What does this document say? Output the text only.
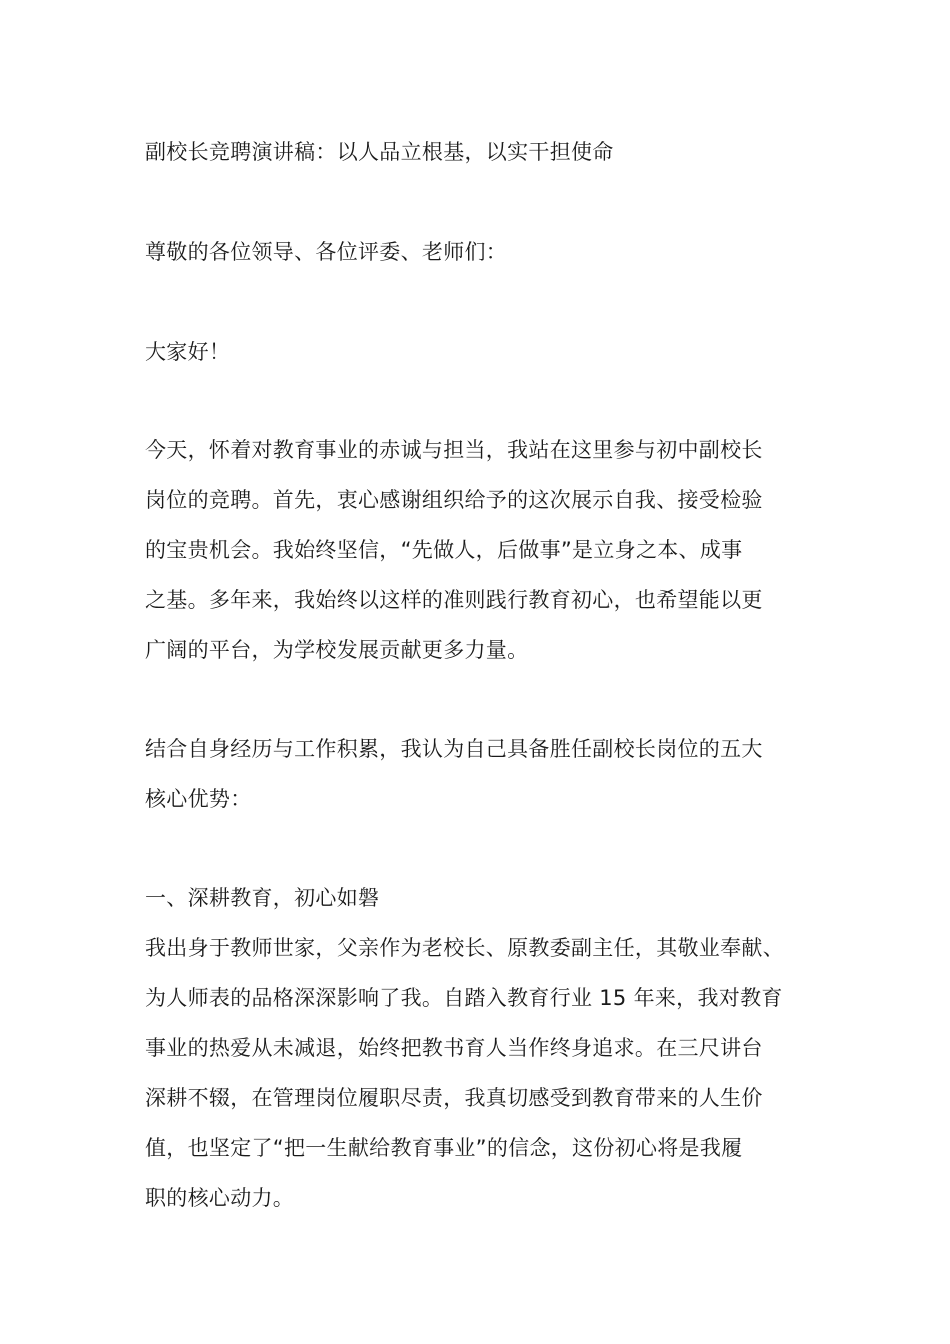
副校长竞聘演讲稿：以人品立根基，以实干担使命
尊敬的各位领导、各位评委、老师们：
大家好！
今天，怀着对教育事业的赤诚与担当，我站在这里参与初中副校长
岗位的竞聘。首先，衷心感谢组织给予的这次展示自我、接受检验
的宝贵机会。我始终坚信，“先做人，后做事”是立身之本、成事
之基。多年来，我始终以这样的准则践行教育初心，也希望能以更
广阔的平台，为学校发展贡献更多力量。
结合自身经历与工作积累，我认为自己具备胜任副校长岗位的五大
核心优势：
一、深耕教育，初心如磐
我出身于教师世家，父亲作为老校长、原教委副主任，其敬业奉献、
为人师表的品格深深影响了我。自踏入教育行业 15 年来，我对教育
事业的热爱从未减退，始终把教书育人当作终身追求。在三尺讲台
深耕不辍，在管理岗位履职尽责，我真切感受到教育带来的人生价
值，也坚定了“把一生献给教育事业”的信念，这份初心将是我履
职的核心动力。
